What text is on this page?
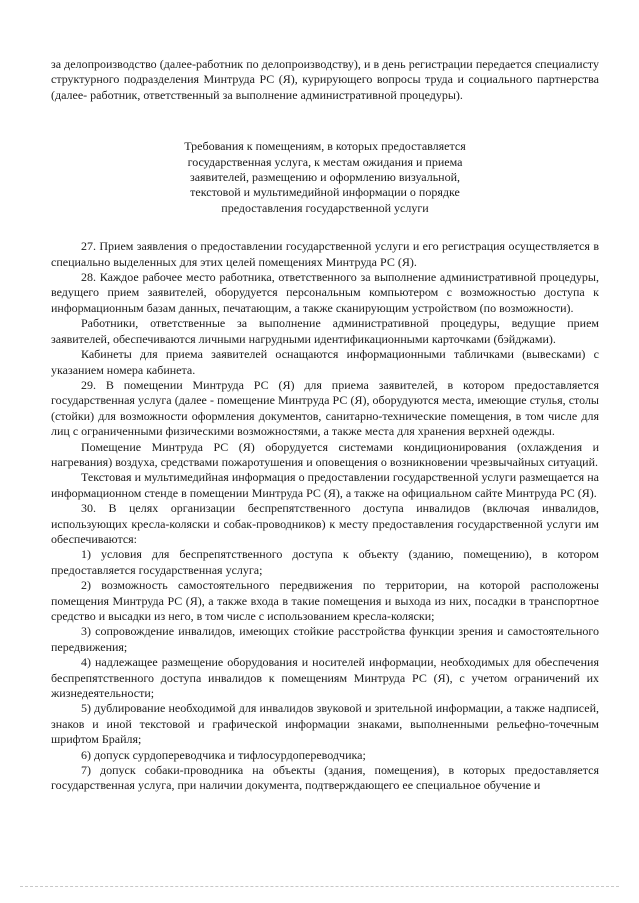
за делопроизводство (далее-работник по делопроизводству), и в день регистрации передается специалисту структурного подразделения Минтруда РС (Я), курирующего вопросы труда и социального партнерства (далее- работник, ответственный за выполнение административной процедуры).

Требования к помещениям, в которых предоставляется
государственная услуга, к местам ожидания и приема
заявителей, размещению и оформлению визуальной,
текстовой и мультимедийной информации о порядке
предоставления государственной услуги

27. Прием заявления о предоставлении государственной услуги и его регистрация осуществляется в специально выделенных для этих целей помещениях Минтруда РС (Я).

28. Каждое рабочее место работника, ответственного за выполнение административной процедуры, ведущего прием заявителей, оборудуется персональным компьютером с возможностью доступа к информационным базам данных, печатающим, а также сканирующим устройством (по возможности).

Работники, ответственные за выполнение административной процедуры, ведущие прием заявителей, обеспечиваются личными нагрудными идентификационными карточками (бэйджами).

Кабинеты для приема заявителей оснащаются информационными табличками (вывесками) с указанием номера кабинета.

29. В помещении Минтруда РС (Я) для приема заявителей, в котором предоставляется государственная услуга (далее - помещение Минтруда РС (Я), оборудуются места, имеющие стулья, столы (стойки) для возможности оформления документов, санитарно-технические помещения, в том числе для лиц с ограниченными физическими возможностями, а также места для хранения верхней одежды.

Помещение Минтруда РС (Я) оборудуется системами кондиционирования (охлаждения и нагревания) воздуха, средствами пожаротушения и оповещения о возникновении чрезвычайных ситуаций.

Текстовая и мультимедийная информация о предоставлении государственной услуги размещается на информационном стенде в помещении Минтруда РС (Я), а также на официальном сайте Минтруда РС (Я).

30. В целях организации беспрепятственного доступа инвалидов (включая инвалидов, использующих кресла-коляски и собак-проводников) к месту предоставления государственной услуги им обеспечиваются:

1) условия для беспрепятственного доступа к объекту (зданию, помещению), в котором предоставляется государственная услуга;

2) возможность самостоятельного передвижения по территории, на которой расположены помещения Минтруда РС (Я), а также входа в такие помещения и выхода из них, посадки в транспортное средство и высадки из него, в том числе с использованием кресла-коляски;

3) сопровождение инвалидов, имеющих стойкие расстройства функции зрения и самостоятельного передвижения;

4) надлежащее размещение оборудования и носителей информации, необходимых для обеспечения беспрепятственного доступа инвалидов к помещениям Минтруда РС (Я), с учетом ограничений их жизнедеятельности;

5) дублирование необходимой для инвалидов звуковой и зрительной информации, а также надписей, знаков и иной текстовой и графической информации знаками, выполненными рельефно-точечным шрифтом Брайля;

6) допуск сурдопереводчика и тифлосурдопереводчика;

7) допуск собаки-проводника на объекты (здания, помещения), в которых предоставляется государственная услуга, при наличии документа, подтверждающего ее специальное обучение и
